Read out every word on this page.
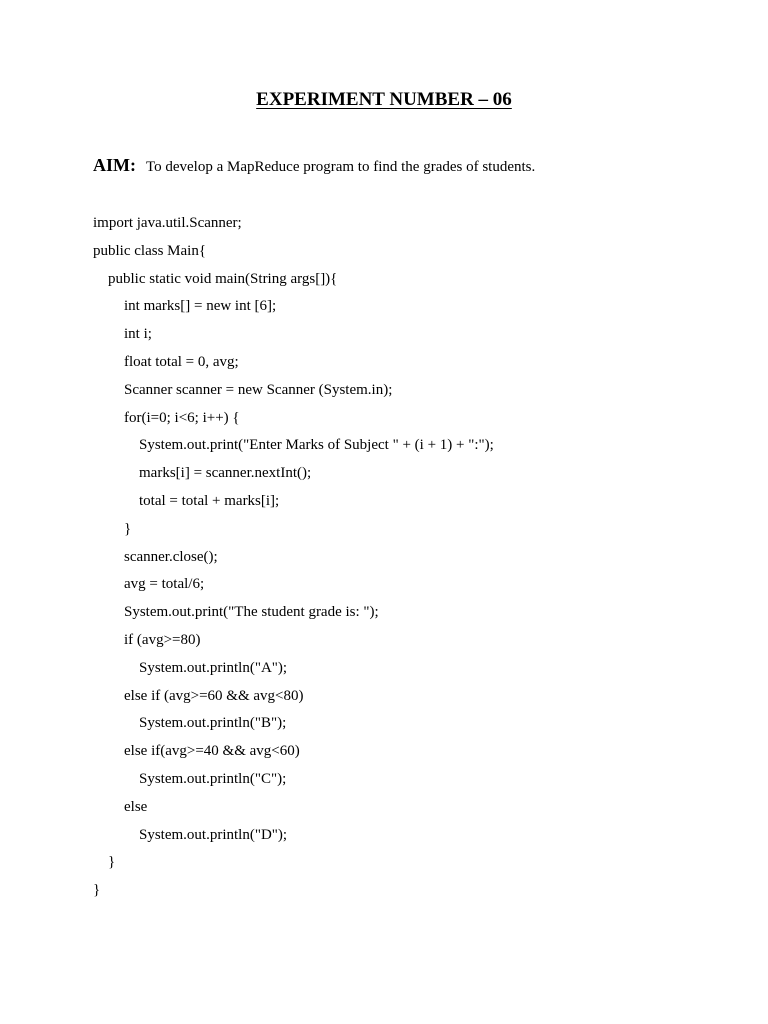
EXPERIMENT NUMBER – 06
AIM: To develop a MapReduce program to find the grades of students.
import java.util.Scanner;
public class Main{
public static void main(String args[]){
int marks[] = new int [6];
int i;
float total = 0, avg;
Scanner scanner = new Scanner (System.in);
for(i=0; i<6; i++) {
System.out.print("Enter Marks of Subject " + (i + 1) + ":");
marks[i] = scanner.nextInt();
total = total + marks[i];
}
scanner.close();
avg = total/6;
System.out.print("The student grade is: ");
if (avg>=80)
System.out.println("A");
else if (avg>=60 && avg<80)
System.out.println("B");
else if(avg>=40 && avg<60)
System.out.println("C");
else
System.out.println("D");
}
}
